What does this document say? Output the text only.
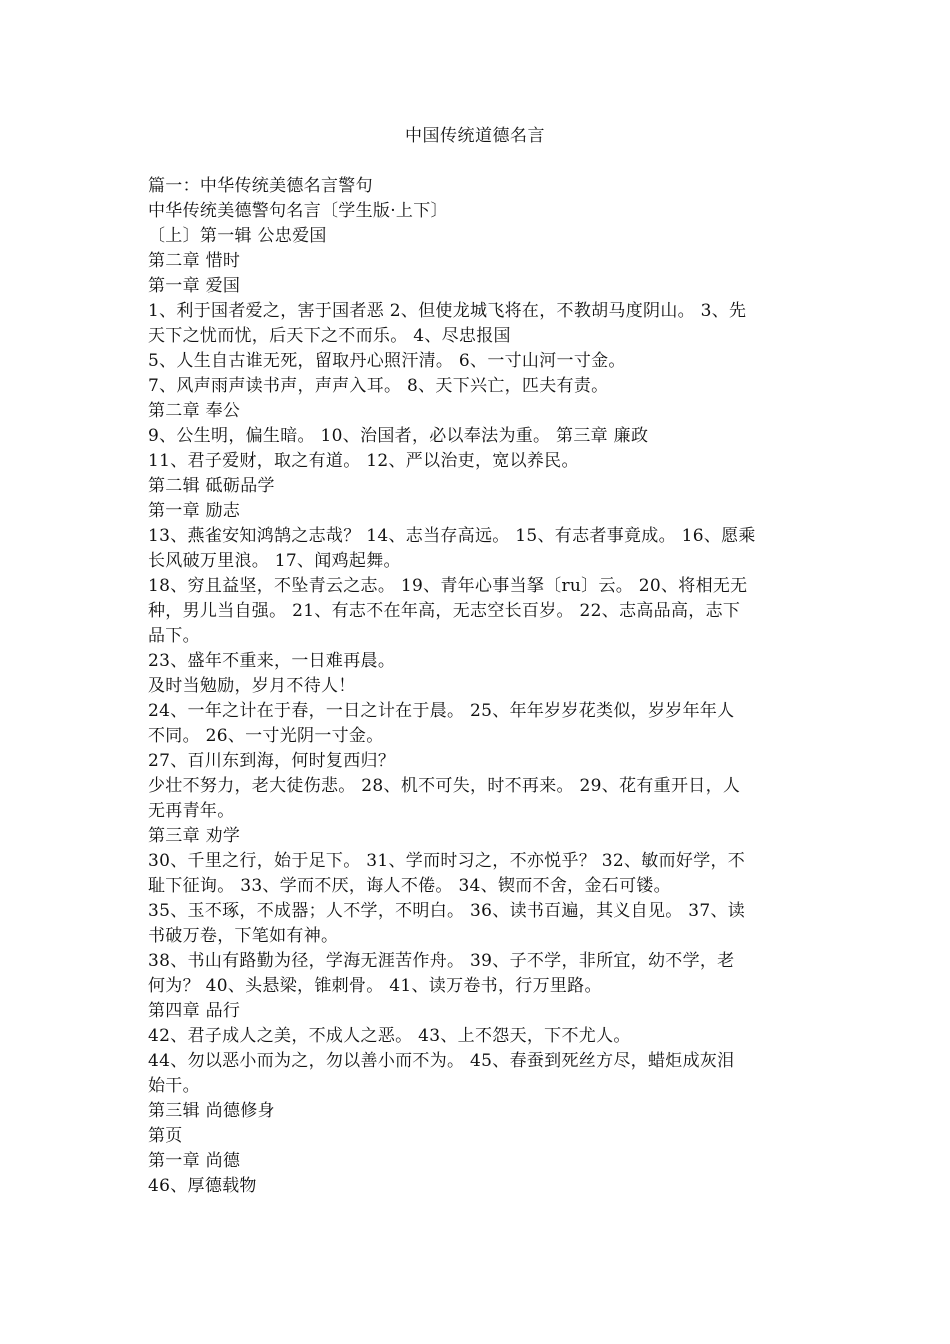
中国传统道德名言
篇一：中华传统美德名言警句
中华传统美德警句名言〔学生版·上下〕
〔上〕第一辑 公忠爱国
第二章 惜时
第一章 爱国
1、利于国者爱之，害于国者恶 2、但使龙城飞将在，不教胡马度阴山。 3、先
天下之忧而忧，后天下之不而乐。 4、尽忠报国
5、人生自古谁无死，留取丹心照汗清。 6、一寸山河一寸金。
7、风声雨声读书声，声声入耳。 8、天下兴亡，匹夫有责。
第二章 奉公
9、公生明，偏生暗。 10、治国者，必以奉法为重。 第三章 廉政
11、君子爱财，取之有道。 12、严以治吏，宽以养民。
第二辑 砥砺品学
第一章 励志
13、燕雀安知鸿鹄之志哉？ 14、志当存高远。 15、有志者事竟成。 16、愿乘
长风破万里浪。 17、闻鸡起舞。
18、穷且益坚，不坠青云之志。 19、青年心事当拏〔ru〕云。 20、将相无无
种，男儿当自强。 21、有志不在年高，无志空长百岁。 22、志高品高，志下
品下。
23、盛年不重来，一日难再晨。
及时当勉励，岁月不待人！
24、一年之计在于春，一日之计在于晨。 25、年年岁岁花类似，岁岁年年人
不同。 26、一寸光阴一寸金。
27、百川东到海，何时复西归？
少壮不努力，老大徒伤悲。 28、机不可失，时不再来。 29、花有重开日，人
无再青年。
第三章 劝学
30、千里之行，始于足下。 31、学而时习之，不亦悦乎？ 32、敏而好学，不
耻下征询。 33、学而不厌，诲人不倦。 34、锲而不舍，金石可镂。
35、玉不琢，不成器；人不学，不明白。 36、读书百遍，其义自见。 37、读
书破万卷，下笔如有神。
38、书山有路勤为径，学海无涯苦作舟。 39、子不学，非所宜，幼不学，老
何为？ 40、头悬梁，锥刺骨。 41、读万卷书，行万里路。
第四章 品行
42、君子成人之美，不成人之恶。 43、上不怨天，下不尤人。
44、勿以恶小而为之，勿以善小而不为。 45、春蚕到死丝方尽，蜡炬成灰泪
始干。
第三辑 尚德修身
第页
第一章 尚德
46、厚德载物
